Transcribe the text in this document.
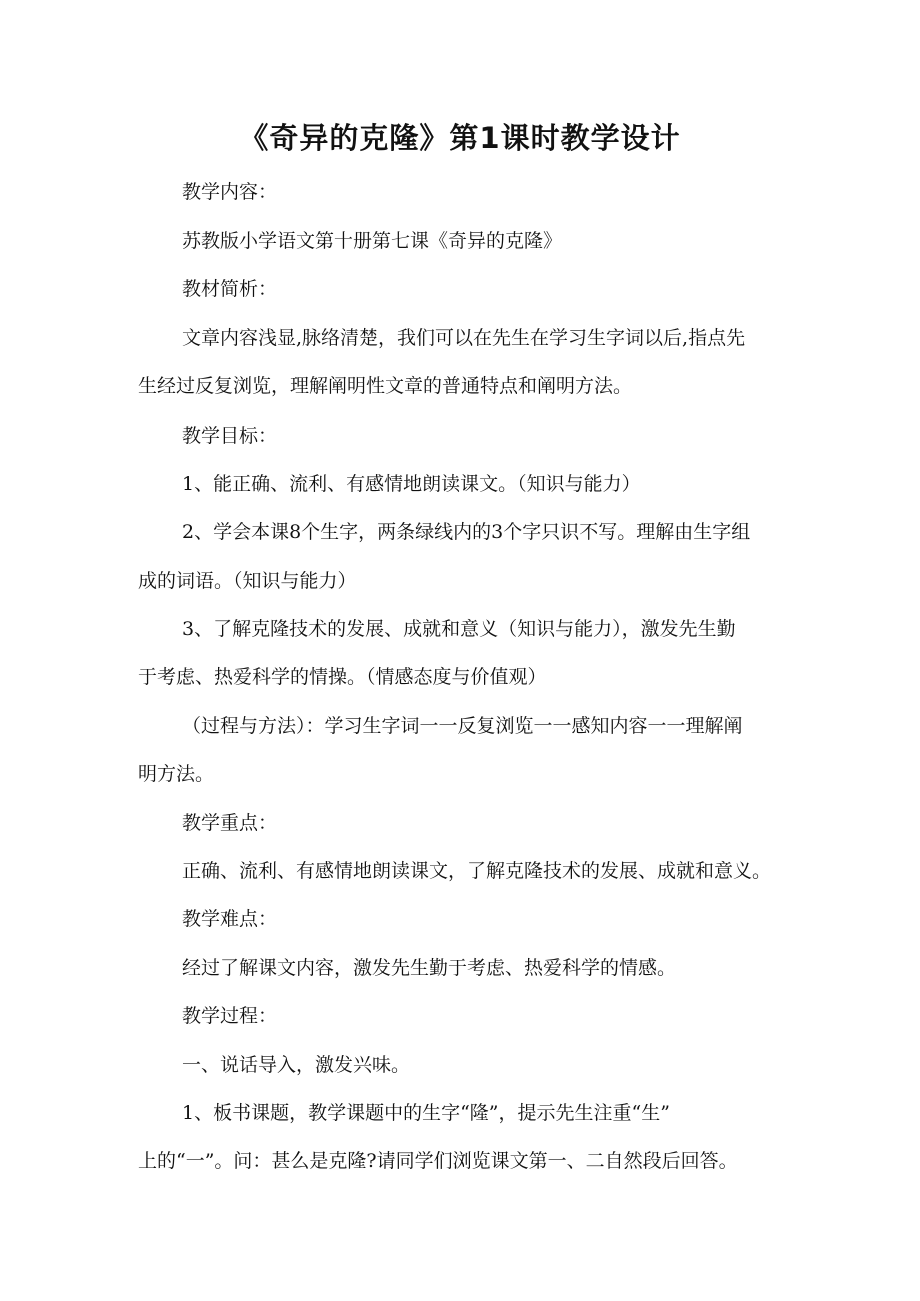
《奇异的克隆》第1课时教学设计
教学内容：
苏教版小学语文第十册第七课《奇异的克隆》
教材简析：
文章内容浅显,脉络清楚，我们可以在先生在学习生字词以后,指点先
生经过反复浏览，理解阐明性文章的普通特点和阐明方法。
教学目标：
1、能正确、流利、有感情地朗读课文。（知识与能力）
2、学会本课8个生字，两条绿线内的3个字只识不写。理解由生字组
成的词语。（知识与能力）
3、了解克隆技术的发展、成就和意义（知识与能力），激发先生勤
于考虑、热爱科学的情操。（情感态度与价值观）
（过程与方法）：学习生字词一一反复浏览一一感知内容一一理解阐
明方法。
教学重点：
正确、流利、有感情地朗读课文，了解克隆技术的发展、成就和意义。
教学难点：
经过了解课文内容，激发先生勤于考虑、热爱科学的情感。
教学过程：
一、说话导入，激发兴味。
1、板书课题，教学课题中的生字“隆”，提示先生注重“生”
上的“一”。问：甚么是克隆?请同学们浏览课文第一、二自然段后回答。
